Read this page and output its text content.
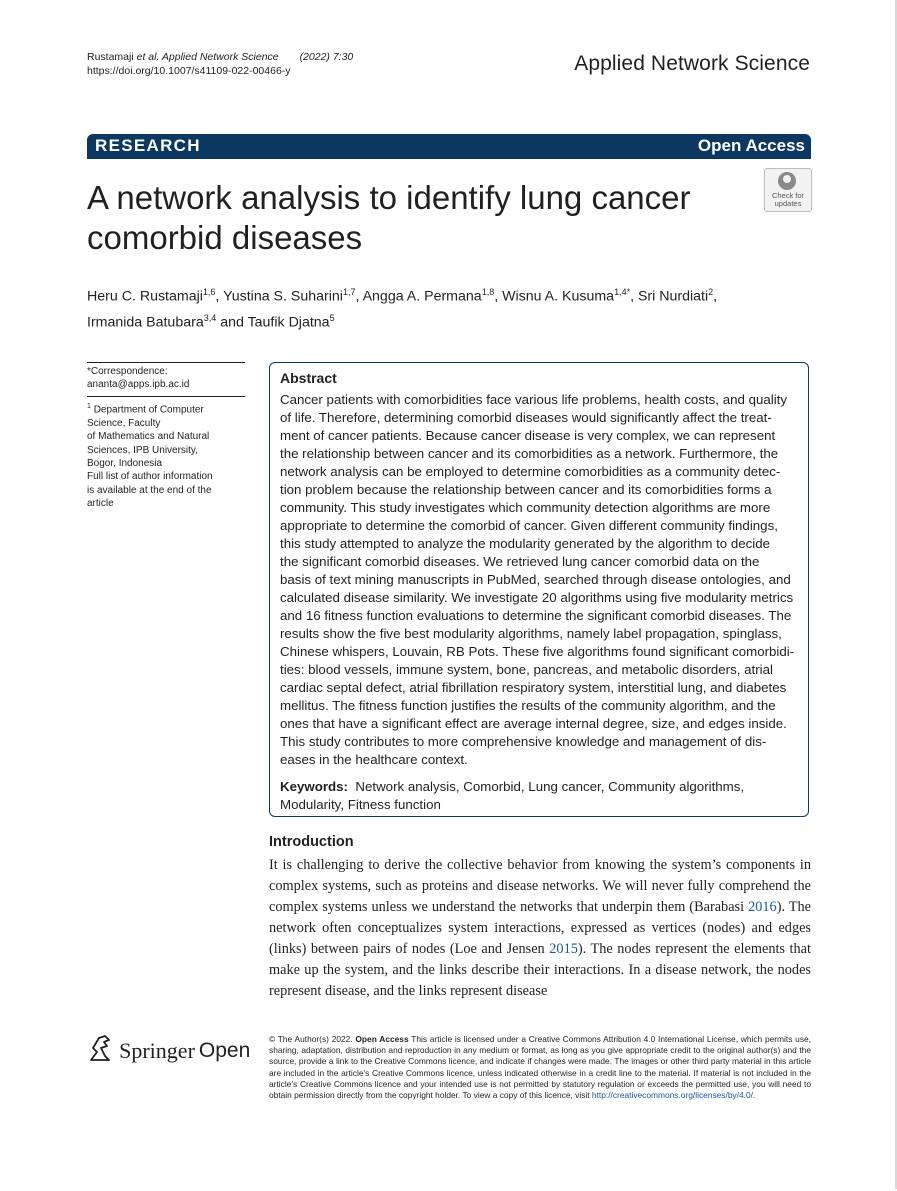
Rustamaji et al. Applied Network Science (2022) 7:30
https://doi.org/10.1007/s41109-022-00466-y	Applied Network Science
RESEARCH	Open Access
A network analysis to identify lung cancer comorbid diseases
Check for
updates
Heru C. Rustamaji$^{1,6}$, Yustina S. Suharini$^{1,7}$, Angga A. Permana$^{1,8}$, Wisnu A. Kusuma$^{1,4*}$, Sri Nurdiati$^2$,
Irmanida Batubara$^{3,4}$ and Taufik Djatna$^5$
*Correspondence:
ananta@apps.ipb.ac.id
$^1$ Department of Computer
Science, Faculty
of Mathematics and Natural
Sciences, IPB University,
Bogor, Indonesia
Full list of author information
is available at the end of the
article
Abstract
Cancer patients with comorbidities face various life problems, health costs, and quality
of life. Therefore, determining comorbid diseases would significantly affect the treat-
ment of cancer patients. Because cancer disease is very complex, we can represent
the relationship between cancer and its comorbidities as a network. Furthermore, the
network analysis can be employed to determine comorbidities as a community detec-
tion problem because the relationship between cancer and its comorbidities forms a
community. This study investigates which community detection algorithms are more
appropriate to determine the comorbid of cancer. Given different community findings,
this study attempted to analyze the modularity generated by the algorithm to decide
the significant comorbid diseases. We retrieved lung cancer comorbid data on the
basis of text mining manuscripts in PubMed, searched through disease ontologies, and
calculated disease similarity. We investigate 20 algorithms using five modularity metrics
and 16 fitness function evaluations to determine the significant comorbid diseases. The
results show the five best modularity algorithms, namely label propagation, spinglass,
Chinese whispers, Louvain, RB Pots. These five algorithms found significant comorbidi-
ties: blood vessels, immune system, bone, pancreas, and metabolic disorders, atrial
cardiac septal defect, atrial fibrillation respiratory system, interstitial lung, and diabetes
mellitus. The fitness function justifies the results of the community algorithm, and the
ones that have a significant effect are average internal degree, size, and edges inside.
This study contributes to more comprehensive knowledge and management of dis-
eases in the healthcare context.
Keywords: Network analysis, Comorbid, Lung cancer, Community algorithms,
Modularity, Fitness function
Introduction
It is challenging to derive the collective behavior from knowing the system’s components in complex systems, such as proteins and disease networks. We will never fully comprehend the complex systems unless we understand the networks that underpin them (Barabasi 2016). The network often conceptualizes system interactions, expressed as vertices (nodes) and edges (links) between pairs of nodes (Loe and Jensen 2015). The nodes represent the elements that make up the system, and the links describe their interactions. In a disease network, the nodes represent disease, and the links represent disease
Springer Open © The Author(s) 2022. Open Access This article is licensed under a Creative Commons Attribution 4.0 International License, which permits use, sharing, adaptation, distribution and reproduction in any medium or format, as long as you give appropriate credit to the original author(s) and the source, provide a link to the Creative Commons licence, and indicate if changes were made. The images or other third party material in this article are included in the article’s Creative Commons licence, unless indicated otherwise in a credit line to the material. If material is not included in the article’s Creative Commons licence and your intended use is not permitted by statutory regulation or exceeds the permitted use, you will need to obtain permission directly from the copyright holder. To view a copy of this licence, visit http://creativecommons.org/licenses/by/4.0/.
